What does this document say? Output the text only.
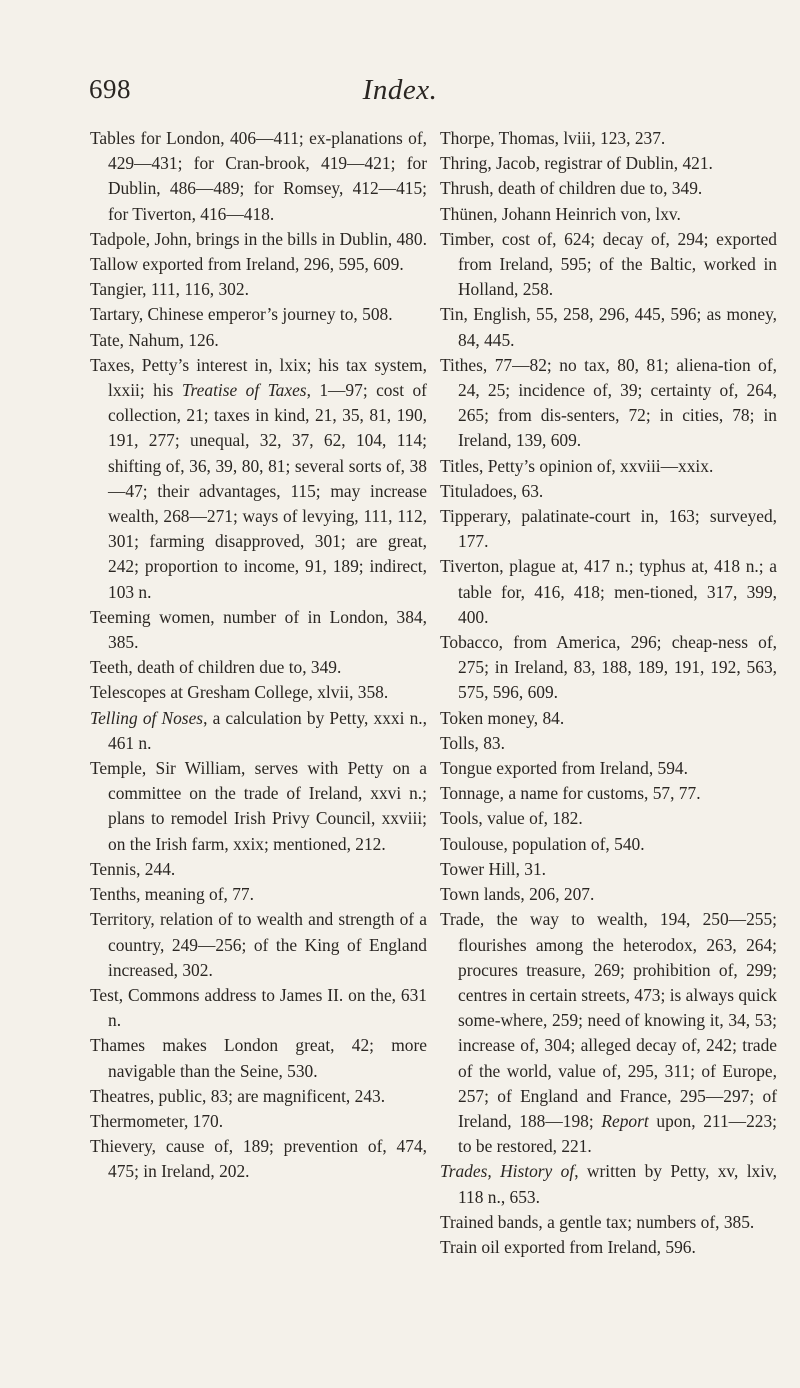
698	Index.

Tables for London, 406—411; ex-planations of, 429—431; for Cran-brook, 419—421; for Dublin, 486—489; for Romsey, 412—415; for Tiverton, 416—418.

Tadpole, John, brings in the bills in Dublin, 480.

Tallow exported from Ireland, 296, 595, 609.

Tangier, 111, 116, 302.

Tartary, Chinese emperor’s journey to, 508.

Tate, Nahum, 126.

Taxes, Petty’s interest in, lxix; his tax system, lxxii; his Treatise of Taxes, 1—97; cost of collection, 21; taxes in kind, 21, 35, 81, 190, 191, 277; unequal, 32, 37, 62, 104, 114; shifting of, 36, 39, 80, 81; several sorts of, 38—47; their advantages, 115; may increase wealth, 268—271; ways of levying, 111, 112, 301; farming disapproved, 301; are great, 242; proportion to income, 91, 189; indirect, 103 n.

Teeming women, number of in London, 384, 385.

Teeth, death of children due to, 349.

Telescopes at Gresham College, xlvii, 358.

Telling of Noses, a calculation by Petty, xxxi n., 461 n.

Temple, Sir William, serves with Petty on a committee on the trade of Ireland, xxvi n.; plans to remodel Irish Privy Council, xxviii; on the Irish farm, xxix; mentioned, 212.

Tennis, 244.

Tenths, meaning of, 77.

Territory, relation of to wealth and strength of a country, 249—256; of the King of England increased, 302.

Test, Commons address to James II. on the, 631 n.

Thames makes London great, 42; more navigable than the Seine, 530.

Theatres, public, 83; are magnificent, 243.

Thermometer, 170.

Thievery, cause of, 189; prevention of, 474, 475; in Ireland, 202.

Thorpe, Thomas, lviii, 123, 237.

Thring, Jacob, registrar of Dublin, 421.

Thrush, death of children due to, 349.

Thünen, Johann Heinrich von, lxv.

Timber, cost of, 624; decay of, 294; exported from Ireland, 595; of the Baltic, worked in Holland, 258.

Tin, English, 55, 258, 296, 445, 596; as money, 84, 445.

Tithes, 77—82; no tax, 80, 81; aliena-tion of, 24, 25; incidence of, 39; certainty of, 264, 265; from dis-senters, 72; in cities, 78; in Ireland, 139, 609.

Titles, Petty’s opinion of, xxviii—xxix.

Tituladoes, 63.

Tipperary, palatinate-court in, 163; surveyed, 177.

Tiverton, plague at, 417 n.; typhus at, 418 n.; a table for, 416, 418; men-tioned, 317, 399, 400.

Tobacco, from America, 296; cheap-ness of, 275; in Ireland, 83, 188, 189, 191, 192, 563, 575, 596, 609.

Token money, 84.

Tolls, 83.

Tongue exported from Ireland, 594.

Tonnage, a name for customs, 57, 77.

Tools, value of, 182.

Toulouse, population of, 540.

Tower Hill, 31.

Town lands, 206, 207.

Trade, the way to wealth, 194, 250—255; flourishes among the heterodox, 263, 264; procures treasure, 269; prohibition of, 299; centres in certain streets, 473; is always quick some-where, 259; need of knowing it, 34, 53; increase of, 304; alleged decay of, 242; trade of the world, value of, 295, 311; of Europe, 257; of England and France, 295—297; of Ireland, 188—198; Report upon, 211—223; to be restored, 221.

Trades, History of, written by Petty, xv, lxiv, 118 n., 653.

Trained bands, a gentle tax; numbers of, 385.

Train oil exported from Ireland, 596.
